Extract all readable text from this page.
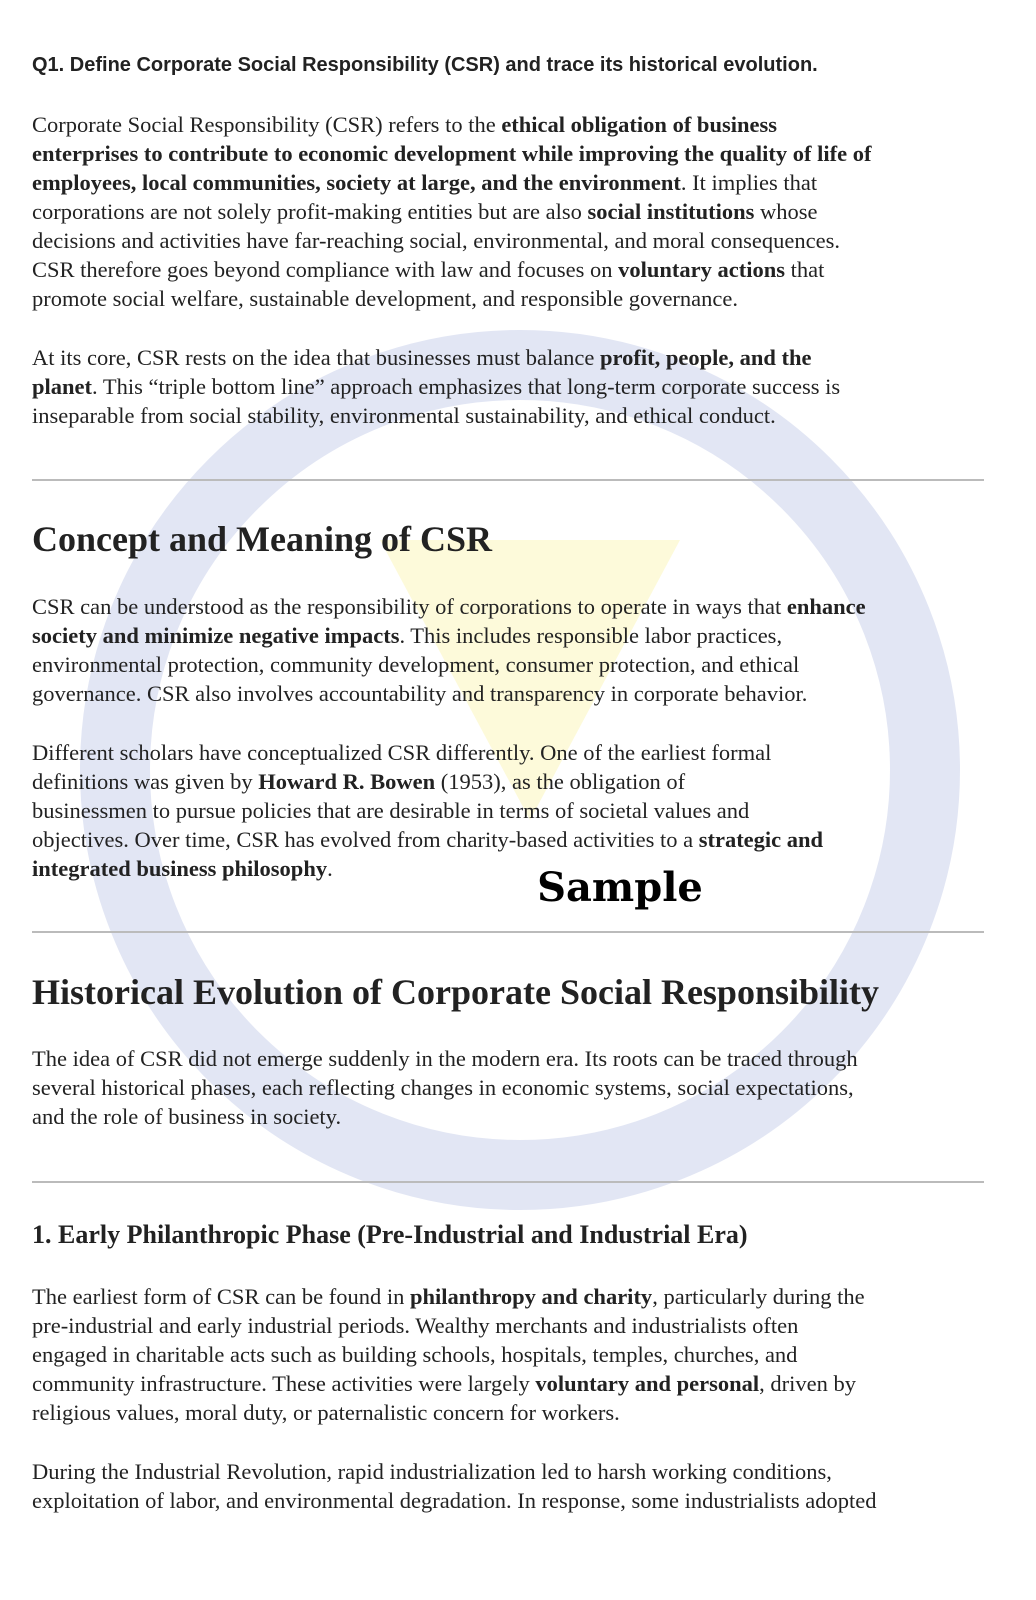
Q1. Define Corporate Social Responsibility (CSR) and trace its historical evolution.
Concept and Meaning of CSR
Historical Evolution of Corporate Social Responsibility
1. Early Philanthropic Phase (Pre-Industrial and Industrial Era)
Corporate Social Responsibility (CSR) refers to the ethical obligation of business
enterprises to contribute to economic development while improving the quality of life of
employees, local communities, society at large, and the environment. It implies that
corporations are not solely profit-making entities but are also social institutions whose
decisions and activities have far-reaching social, environmental, and moral consequences.
CSR therefore goes beyond compliance with law and focuses on voluntary actions that
promote social welfare, sustainable development, and responsible governance.
At its core, CSR rests on the idea that businesses must balance profit, people, and the
planet. This “triple bottom line” approach emphasizes that long-term corporate success is
inseparable from social stability, environmental sustainability, and ethical conduct.
CSR can be understood as the responsibility of corporations to operate in ways that enhance
society and minimize negative impacts. This includes responsible labor practices,
environmental protection, community development, consumer protection, and ethical
governance. CSR also involves accountability and transparency in corporate behavior.
Different scholars have conceptualized CSR differently. One of the earliest formal
definitions was given by Howard R. Bowen (1953), as the obligation of
businessmen to pursue policies that are desirable in terms of societal values and
objectives. Over time, CSR has evolved from charity-based activities to a strategic and
integrated business philosophy.
The idea of CSR did not emerge suddenly in the modern era. Its roots can be traced through
several historical phases, each reflecting changes in economic systems, social expectations,
and the role of business in society.
The earliest form of CSR can be found in philanthropy and charity, particularly during the
pre-industrial and early industrial periods. Wealthy merchants and industrialists often
engaged in charitable acts such as building schools, hospitals, temples, churches, and
community infrastructure. These activities were largely voluntary and personal, driven by
religious values, moral duty, or paternalistic concern for workers.
During the Industrial Revolution, rapid industrialization led to harsh working conditions,
exploitation of labor, and environmental degradation. In response, some industrialists adopted
Sample
